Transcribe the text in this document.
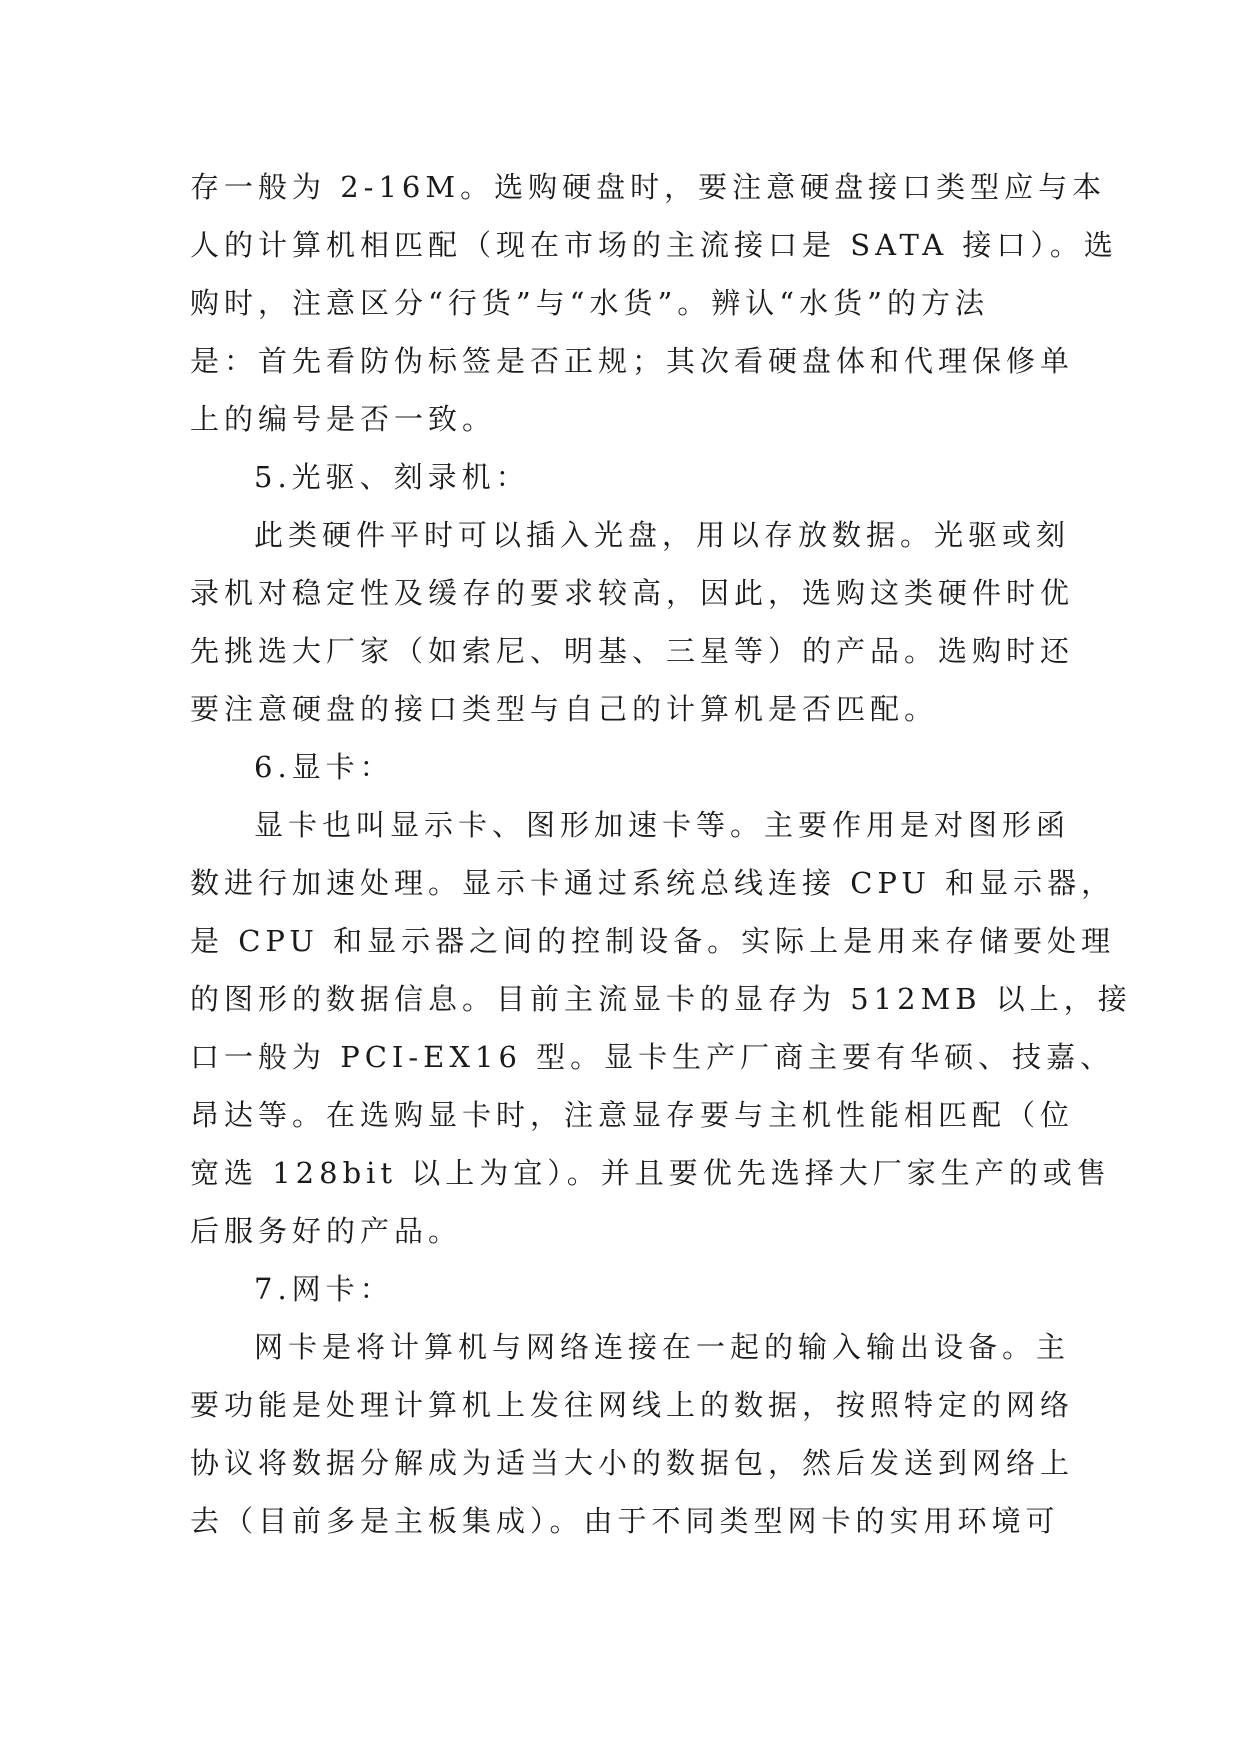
存一般为 2-16M。选购硬盘时，要注意硬盘接口类型应与本
人的计算机相匹配（现在市场的主流接口是 SATA 接口）。选
购时，注意区分“行货”与“水货”。辨认“水货”的方法
是：首先看防伪标签是否正规；其次看硬盘体和代理保修单
上的编号是否一致。
5.光驱、刻录机：
此类硬件平时可以插入光盘，用以存放数据。光驱或刻
录机对稳定性及缓存的要求较高，因此，选购这类硬件时优
先挑选大厂家（如索尼、明基、三星等）的产品。选购时还
要注意硬盘的接口类型与自己的计算机是否匹配。
6.显卡：
显卡也叫显示卡、图形加速卡等。主要作用是对图形函
数进行加速处理。显示卡通过系统总线连接 CPU 和显示器，
是 CPU 和显示器之间的控制设备。实际上是用来存储要处理
的图形的数据信息。目前主流显卡的显存为 512MB 以上，接
口一般为 PCI-EX16 型。显卡生产厂商主要有华硕、技嘉、
昂达等。在选购显卡时，注意显存要与主机性能相匹配（位
宽选 128bit 以上为宜）。并且要优先选择大厂家生产的或售
后服务好的产品。
7.网卡：
网卡是将计算机与网络连接在一起的输入输出设备。主
要功能是处理计算机上发往网线上的数据，按照特定的网络
协议将数据分解成为适当大小的数据包，然后发送到网络上
去（目前多是主板集成）。由于不同类型网卡的实用环境可
